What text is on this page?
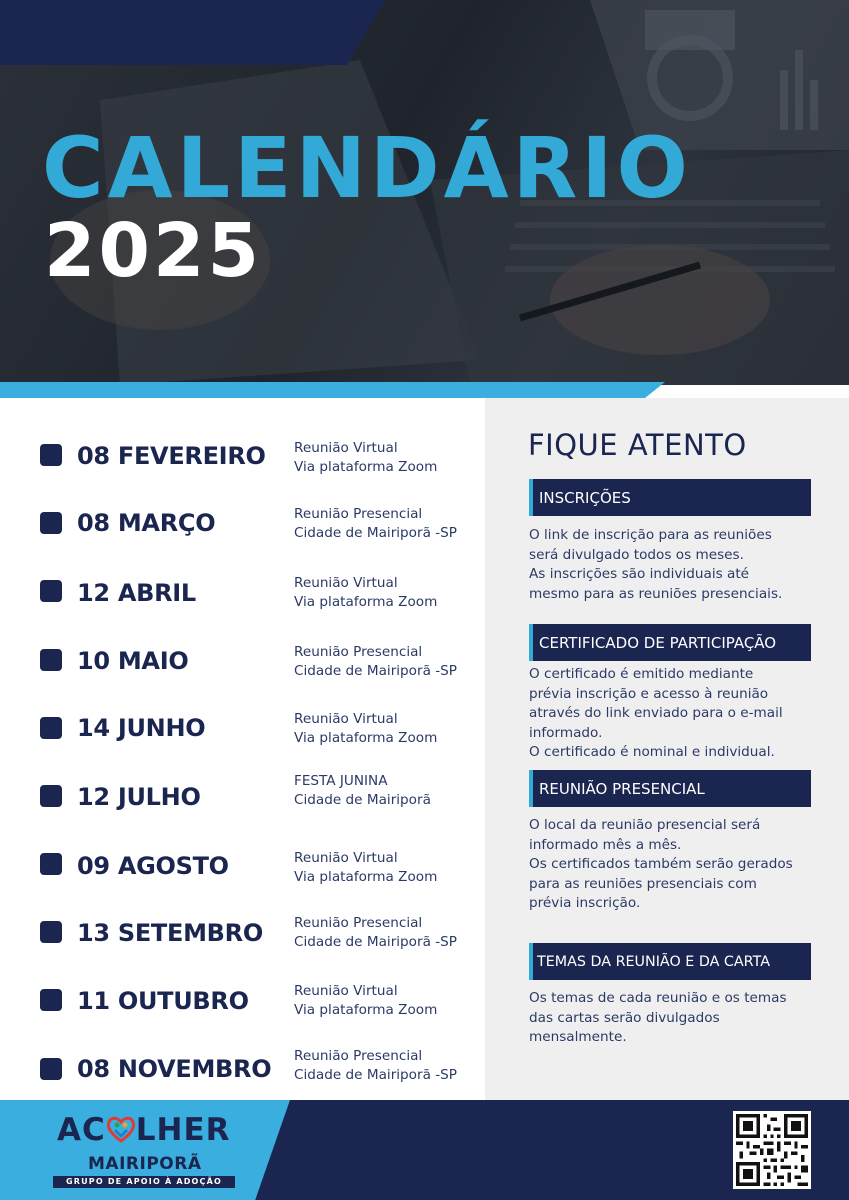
CALENDÁRIO
2025
FIQUE ATENTO
INSCRIÇÕES

O link de inscrição para as reuniões

será divulgado todos os meses.

As inscrições são individuais até

mesmo para as reuniões presenciais.

CERTIFICADO DE PARTICIPAÇÃO

O certificado é emitido mediante

prévia inscrição e acesso à reunião

através do link enviado para o e-mail

informado.

O certificado é nominal e individual.

REUNIÃO PRESENCIAL

O local da reunião presencial será

informado mês a mês.

Os certificados também serão gerados

para as reuniões presenciais com

prévia inscrição.

TEMAS DA REUNIÃO E DA CARTA

Os temas de cada reunião e os temas

das cartas serão divulgados

mensalmente.

08 FEVEREIRO Reunião Virtual
Via plataforma Zoom
08 MARÇO	Reunião Presencial
Cidade de Mairiporã -SP
12 ABRIL	Reunião Virtual
Via plataforma Zoom
10 MAIO	Reunião Presencial
Cidade de Mairiporã -SP
14 JUNHO	Reunião Virtual
Via plataforma Zoom
12 JULHO
FESTA JUNINA
Cidade de Mairiporã
09 AGOSTO	Reunião Virtual
Via plataforma Zoom
13 SETEMBRO Reunião Presencial
Cidade de Mairiporã -SP
11 OUTUBRO	Reunião Virtual
Via plataforma Zoom
08 NOVEMBRO Reunião Presencial
Cidade de Mairiporã -SP
AC LHER
MAIRIPORÃ
GRUPO DE APOIO À ADOÇÃO
